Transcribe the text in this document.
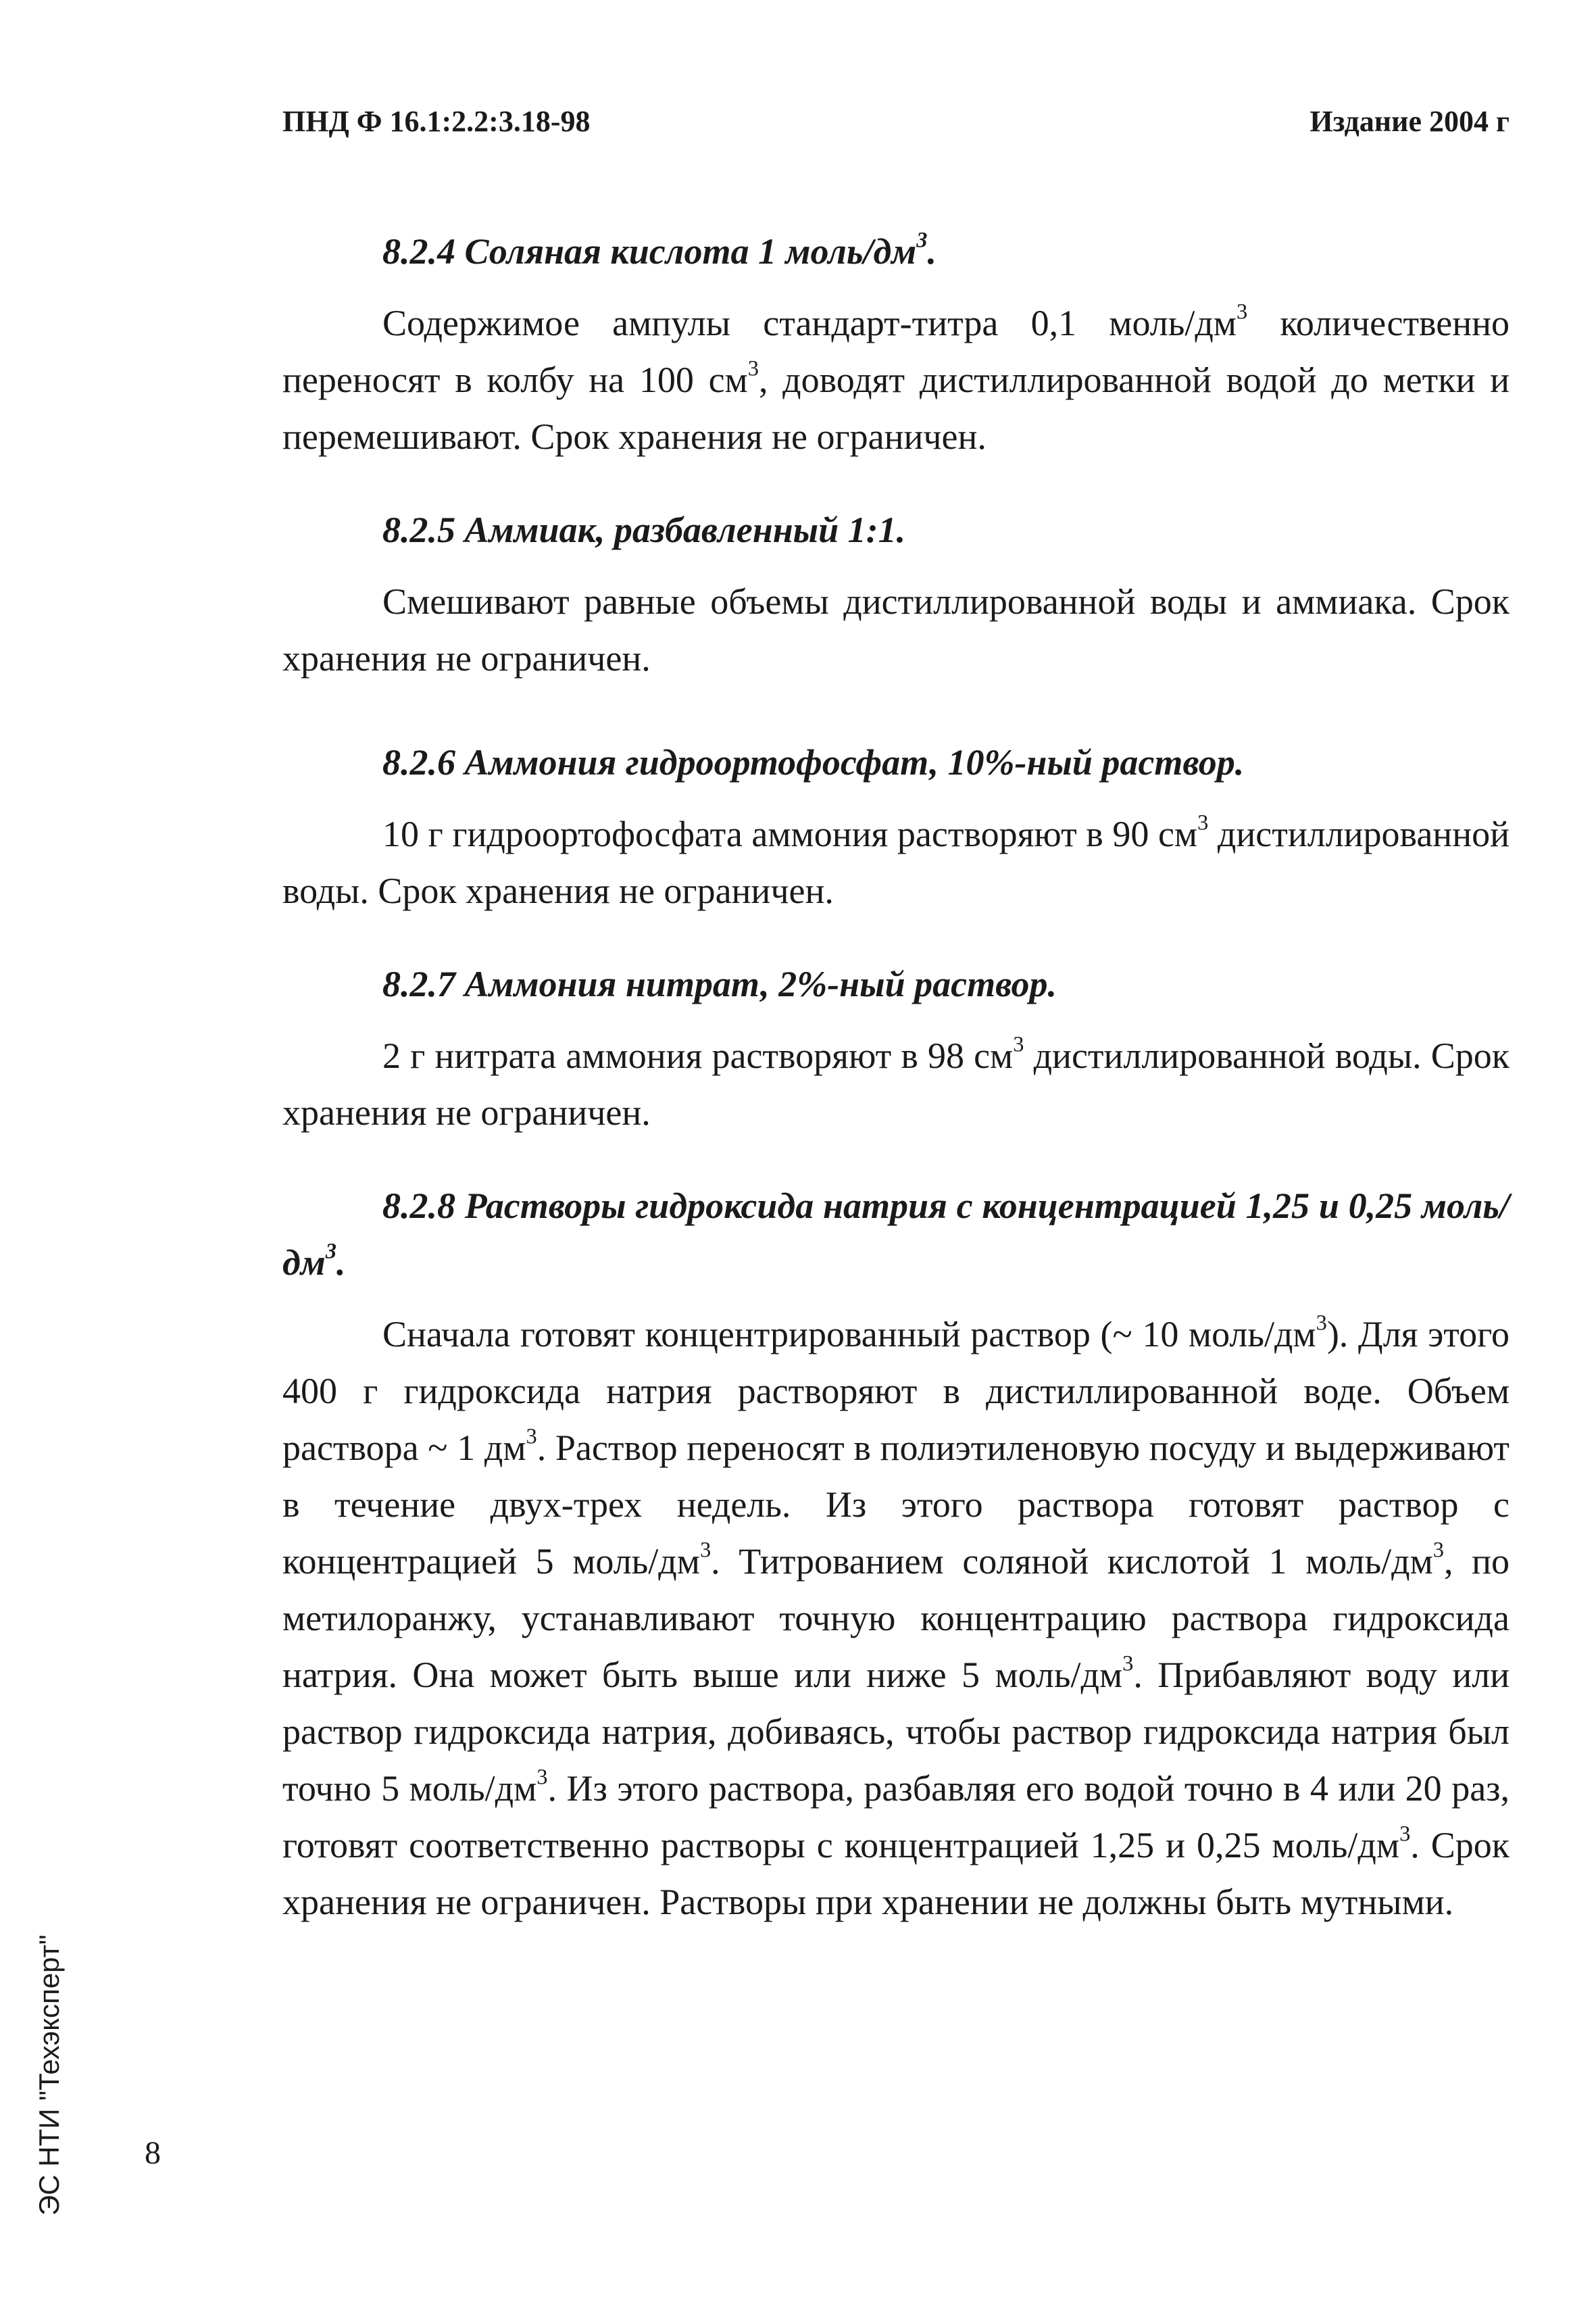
ПНД Ф 16.1:2.2:3.18-98	Издание 2004 г

8.2.4 Соляная кислота 1 моль/$дм^3$.

Содержимое ампулы стандарт-титра 0,1 моль/$дм^3$ количественно переносят в колбу на 100 $см^3$, доводят дистиллированной водой до метки и перемешивают. Срок хранения не ограничен.

8.2.5 Аммиак, разбавленный 1:1.

Смешивают равные объемы дистиллированной воды и аммиака. Срок хранения не ограничен.

8.2.6 Аммония гидроортофосфат, 10%-ный раствор.

10 г гидроортофосфата аммония растворяют в 90 $см^3$ дистиллированной воды. Срок хранения не ограничен.

8.2.7 Аммония нитрат, 2%-ный раствор.

2 г нитрата аммония растворяют в 98 $см^3$ дистиллированной воды. Срок хранения не ограничен.

8.2.8 Растворы гидроксида натрия с концентрацией 1,25 и 0,25 моль/$дм^3$.

Сначала готовят концентрированный раствор (~ 10 моль/$дм^3$). Для этого 400 г гидроксида натрия растворяют в дистиллированной воде. Объем раствора ~ 1 $дм^3$. Раствор переносят в полиэтиленовую посуду и выдерживают в течение двух-трех недель. Из этого раствора готовят раствор с концентрацией 5 моль/$дм^3$. Титрованием соляной кислотой 1 моль/$дм^3$, по метилоранжу, устанавливают точную концентрацию раствора гидроксида натрия. Она может быть выше или ниже 5 моль/$дм^3$. Прибавляют воду или раствор гидроксида натрия, добиваясь, чтобы раствор гидроксида натрия был точно 5 моль/$дм^3$. Из этого раствора, разбавляя его водой точно в 4 или 20 раз, готовят соответственно растворы с концентрацией 1,25 и 0,25 моль/$дм^3$. Срок хранения не ограничен. Растворы при хранении не должны быть мутными.

8
ЭС НТИ "Техэксперт"
